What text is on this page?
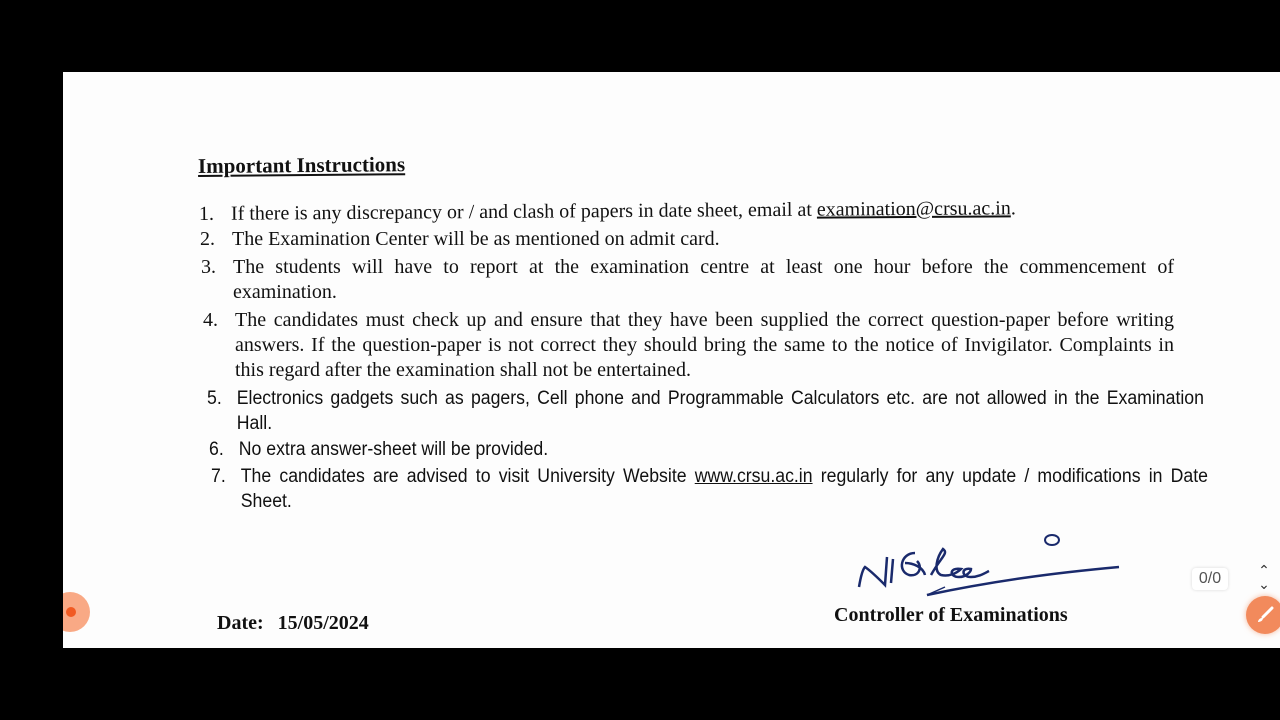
Important Instructions
1. If there is any discrepancy or / and clash of papers in date sheet, email at examination@crsu.ac.in.
2. The Examination Center will be as mentioned on admit card.
3. The students will have to report at the examination centre at least one hour before the commencement of examination.
4. The candidates must check up and ensure that they have been supplied the correct question-paper before writing answers. If the question-paper is not correct they should bring the same to the notice of Invigilator. Complaints in this regard after the examination shall not be entertained.
5. Electronics gadgets such as pagers, Cell phone and Programmable Calculators etc. are not allowed in the Examination Hall.
6. No extra answer-sheet will be provided.
7. The candidates are advised to visit University Website www.crsu.ac.in regularly for any update / modifications in Date Sheet.
Controller of Examinations
Date: 15/05/2024
0/0	⌃
⌄
